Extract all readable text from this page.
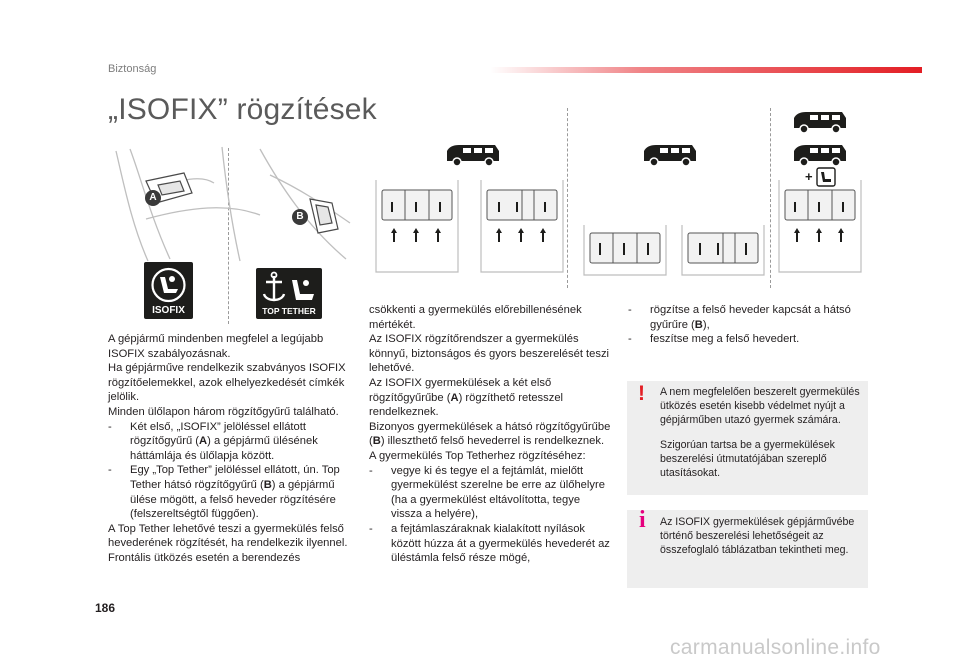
Biztonság
„ISOFIX” rögzítések
A
B
ISOFIX	TOP TETHER
+

A gépjármű mindenben megfelel a legújabb ISOFIX szabályozásnak.

Ha gépjárműve rendelkezik szabványos ISOFIX rögzítőelemekkel, azok elhelyezkedését címkék jelölik.

Minden ülőlapon három rögzítőgyűrű található.

-	Két első, „ISOFIX” jelöléssel ellátott rögzítőgyűrű (A) a gépjármű ülésének háttámlája és ülőlapja között.
-	Egy „Top Tether” jelöléssel ellátott, ún. Top Tether hátsó rögzítőgyűrű (B) a gépjármű ülése mögött, a felső heveder rögzítésére (felszereltségtől függően).

A Top Tether lehetővé teszi a gyermekülés felső hevederének rögzítését, ha rendelkezik ilyennel. Frontális ütközés esetén a berendezés

csökkenti a gyermekülés előrebillenésének mértékét.

Az ISOFIX rögzítőrendszer a gyermekülés könnyű, biztonságos és gyors beszerelését teszi lehetővé.

Az ISOFIX gyermekülések a két első rögzítőgyűrűbe (A) rögzíthető retesszel rendelkeznek.

Bizonyos gyermekülések a hátsó rögzítőgyűrűbe (B) illeszthető felső hevederrel is rendelkeznek.

A gyermekülés Top Tetherhez rögzítéséhez:

-	vegye ki és tegye el a fejtámlát, mielőtt gyermekülést szerelne be erre az ülőhelyre (ha a gyermekülést eltávolította, tegye vissza a helyére),
-	a fejtámlaszáraknak kialakított nyílások között húzza át a gyermekülés hevederét az üléstámla felső része mögé,
-	rögzítse a felső heveder kapcsát a hátsó gyűrűre (B),
-	feszítse meg a felső hevedert.
! A nem megfelelően beszerelt gyermekülés ütközés esetén kisebb védelmet nyújt a gépjárműben utazó gyermek számára.

Szigorúan tartsa be a gyermekülések beszerelési útmutatójában szereplő utasításokat.

i Az ISOFIX gyermekülések gépjárművébe történő beszerelési lehetőségeit az összefoglaló táblázatban tekintheti meg.

186
carmanualsonline.info
